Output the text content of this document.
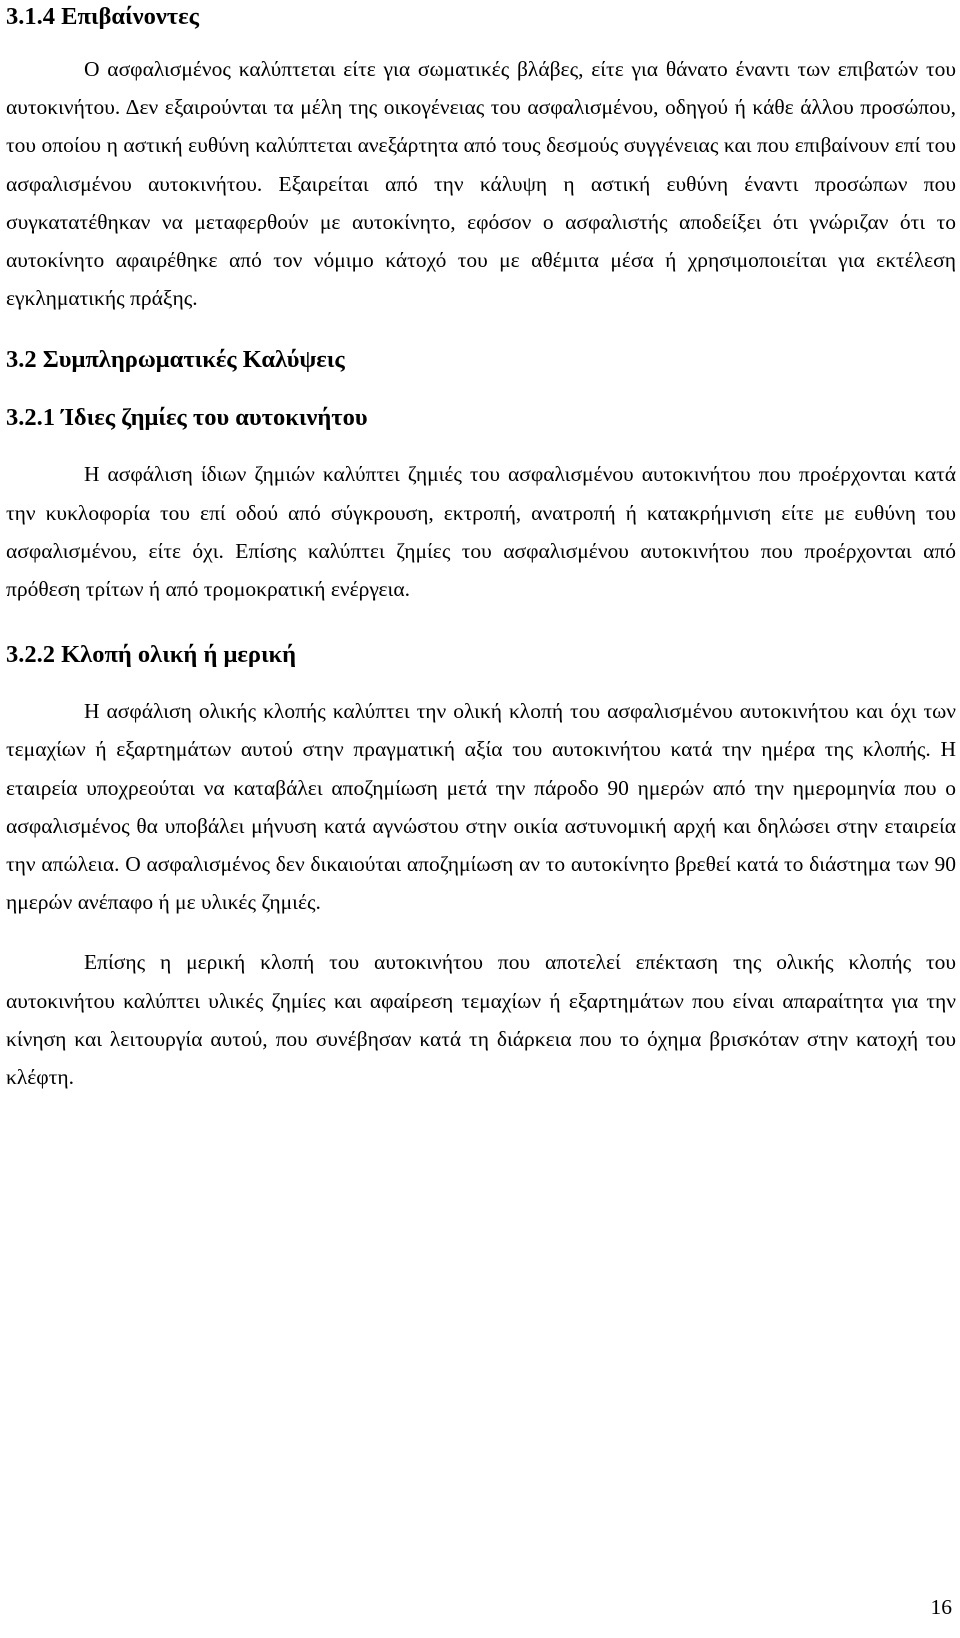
3.1.4 Επιβαίνοντες

Ο ασφαλισμένος καλύπτεται είτε για σωματικές βλάβες, είτε για θάνατο έναντι των επιβατών του αυτοκινήτου. Δεν εξαιρούνται τα μέλη της οικογένειας του ασφαλισμένου, οδηγού ή κάθε άλλου προσώπου, του οποίου η αστική ευθύνη καλύπτεται ανεξάρτητα από τους δεσμούς συγγένειας και που επιβαίνουν επί του ασφαλισμένου αυτοκινήτου. Εξαιρείται από την κάλυψη η αστική ευθύνη έναντι προσώπων που συγκατατέθηκαν να μεταφερθούν με αυτοκίνητο, εφόσον ο ασφαλιστής αποδείξει ότι γνώριζαν ότι το αυτοκίνητο αφαιρέθηκε από τον νόμιμο κάτοχό του με αθέμιτα μέσα ή χρησιμοποιείται για εκτέλεση εγκληματικής πράξης.

3.2 Συμπληρωματικές Καλύψεις
3.2.1 Ίδιες ζημίες του αυτοκινήτου

Η ασφάλιση ίδιων ζημιών καλύπτει ζημιές του ασφαλισμένου αυτοκινήτου που προέρχονται κατά την κυκλοφορία του επί οδού από σύγκρουση, εκτροπή, ανατροπή ή κατακρήμνιση είτε με ευθύνη του ασφαλισμένου, είτε όχι. Επίσης καλύπτει ζημίες του ασφαλισμένου αυτοκινήτου που προέρχονται από πρόθεση τρίτων ή από τρομοκρατική ενέργεια.

3.2.2 Κλοπή ολική ή μερική

Η ασφάλιση ολικής κλοπής καλύπτει την ολική κλοπή του ασφαλισμένου αυτοκινήτου και όχι των τεμαχίων ή εξαρτημάτων αυτού στην πραγματική αξία του αυτοκινήτου κατά την ημέρα της κλοπής. Η εταιρεία υποχρεούται να καταβάλει αποζημίωση μετά την πάροδο 90 ημερών από την ημερομηνία που ο ασφαλισμένος θα υποβάλει μήνυση κατά αγνώστου στην οικία αστυνομική αρχή και δηλώσει στην εταιρεία την απώλεια. Ο ασφαλισμένος δεν δικαιούται αποζημίωση αν το αυτοκίνητο βρεθεί κατά το διάστημα των 90 ημερών ανέπαφο ή με υλικές ζημιές.

Επίσης η μερική κλοπή του αυτοκινήτου που αποτελεί επέκταση της ολικής κλοπής του αυτοκινήτου καλύπτει υλικές ζημίες και αφαίρεση τεμαχίων ή εξαρτημάτων που είναι απαραίτητα για την κίνηση και λειτουργία αυτού, που συνέβησαν κατά τη διάρκεια που το όχημα βρισκόταν στην κατοχή του κλέφτη.

16
